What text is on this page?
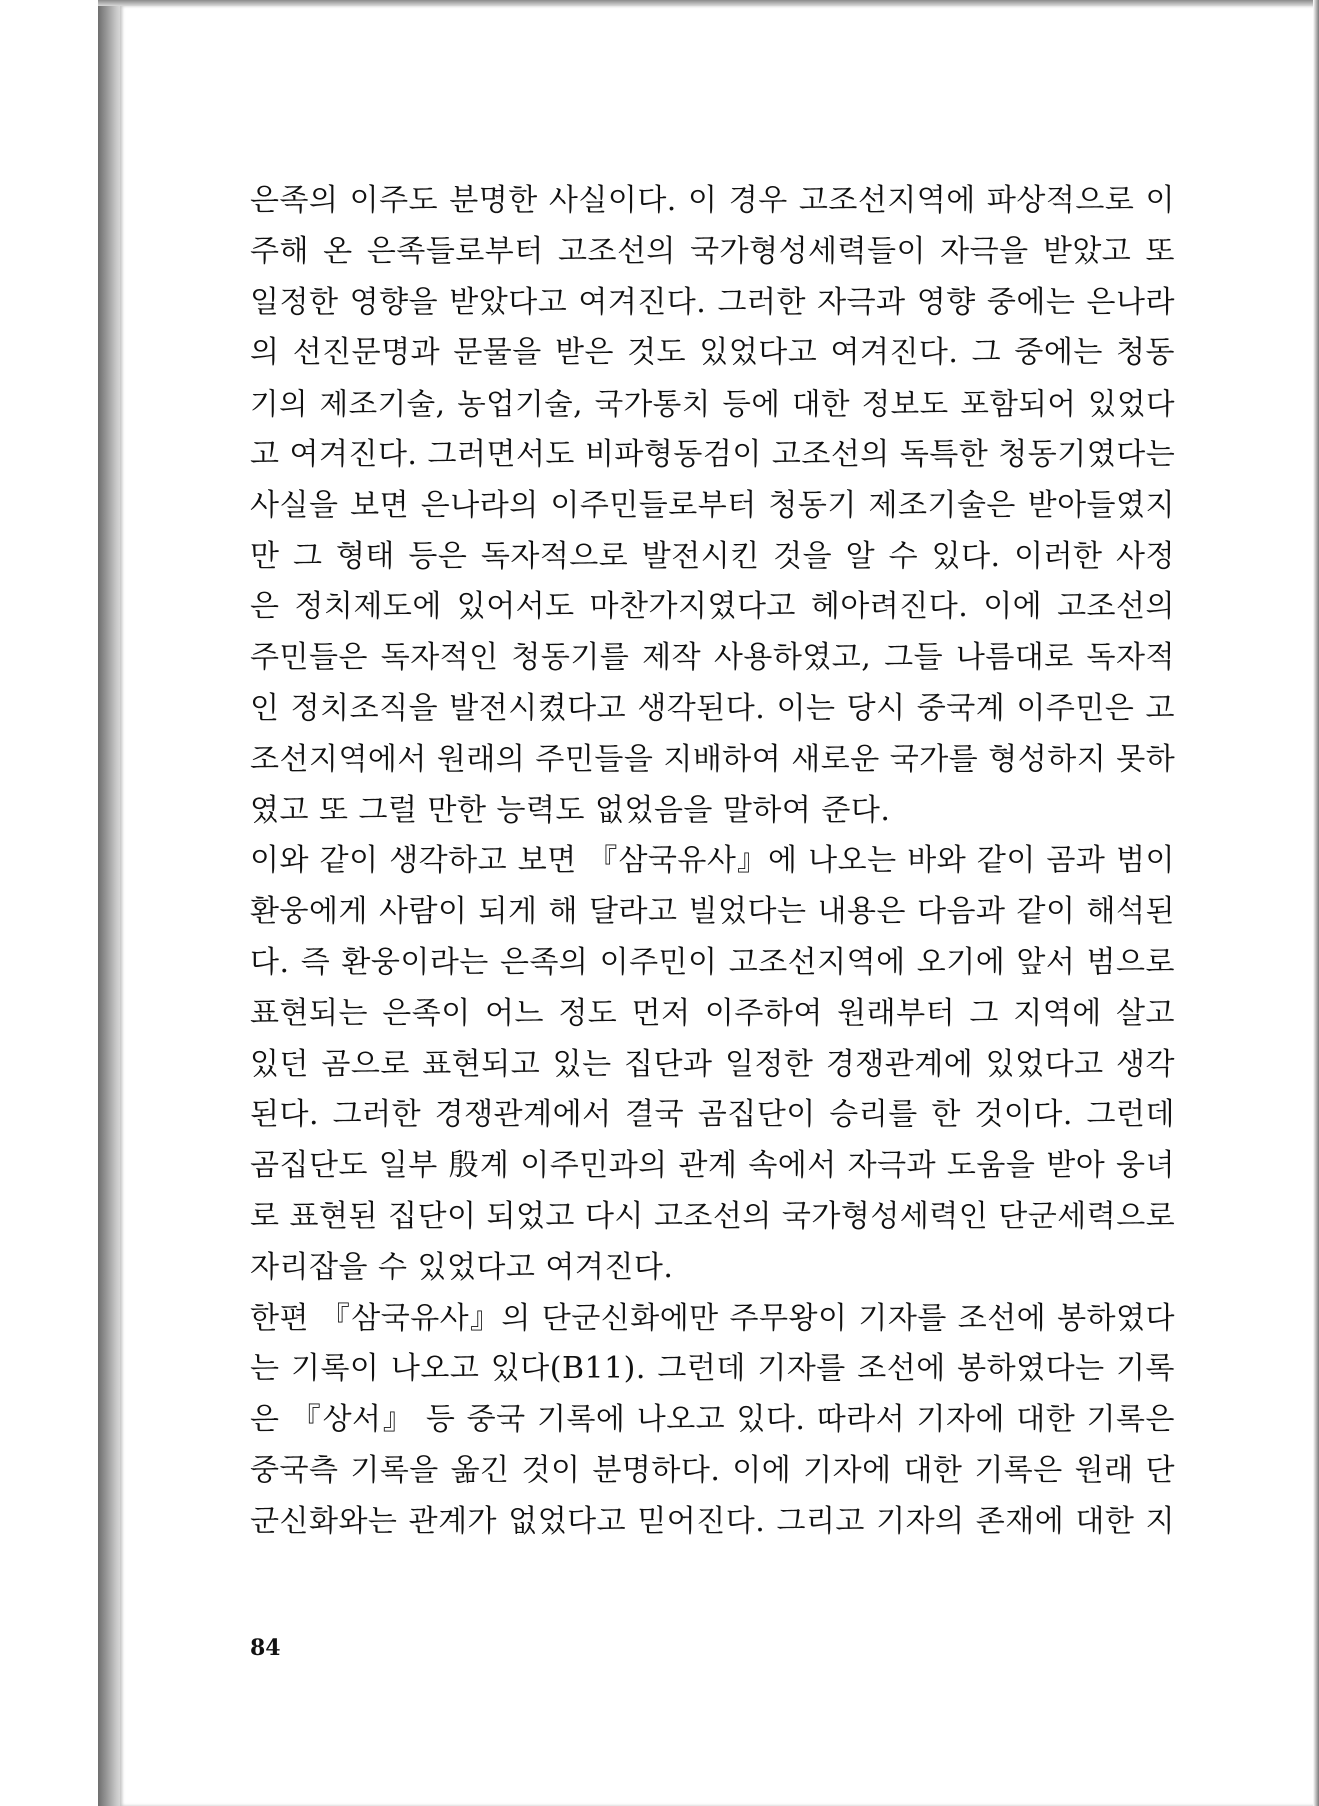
은족의 이주도 분명한 사실이다. 이 경우 고조선지역에 파상적으로 이
주해 온 은족들로부터 고조선의 국가형성세력들이 자극을 받았고 또
일정한 영향을 받았다고 여겨진다. 그러한 자극과 영향 중에는 은나라
의 선진문명과 문물을 받은 것도 있었다고 여겨진다. 그 중에는 청동
기의 제조기술, 농업기술, 국가통치 등에 대한 정보도 포함되어 있었다
고 여겨진다. 그러면서도 비파형동검이 고조선의 독특한 청동기였다는
사실을 보면 은나라의 이주민들로부터 청동기 제조기술은 받아들였지
만 그 형태 등은 독자적으로 발전시킨 것을 알 수 있다. 이러한 사정
은 정치제도에 있어서도 마찬가지였다고 헤아려진다. 이에 고조선의
주민들은 독자적인 청동기를 제작 사용하였고, 그들 나름대로 독자적
인 정치조직을 발전시켰다고 생각된다. 이는 당시 중국계 이주민은 고
조선지역에서 원래의 주민들을 지배하여 새로운 국가를 형성하지 못하
였고 또 그럴 만한 능력도 없었음을 말하여 준다.
이와 같이 생각하고 보면 『삼국유사』에 나오는 바와 같이 곰과 범이
환웅에게 사람이 되게 해 달라고 빌었다는 내용은 다음과 같이 해석된
다. 즉 환웅이라는 은족의 이주민이 고조선지역에 오기에 앞서 범으로
표현되는 은족이 어느 정도 먼저 이주하여 원래부터 그 지역에 살고
있던 곰으로 표현되고 있는 집단과 일정한 경쟁관계에 있었다고 생각
된다. 그러한 경쟁관계에서 결국 곰집단이 승리를 한 것이다. 그런데
곰집단도 일부 殷계 이주민과의 관계 속에서 자극과 도움을 받아 웅녀
로 표현된 집단이 되었고 다시 고조선의 국가형성세력인 단군세력으로
자리잡을 수 있었다고 여겨진다.
한편 『삼국유사』의 단군신화에만 주무왕이 기자를 조선에 봉하였다
는 기록이 나오고 있다(B11). 그런데 기자를 조선에 봉하였다는 기록
은 『상서』 등 중국 기록에 나오고 있다. 따라서 기자에 대한 기록은
중국측 기록을 옮긴 것이 분명하다. 이에 기자에 대한 기록은 원래 단
군신화와는 관계가 없었다고 믿어진다. 그리고 기자의 존재에 대한 지
84
